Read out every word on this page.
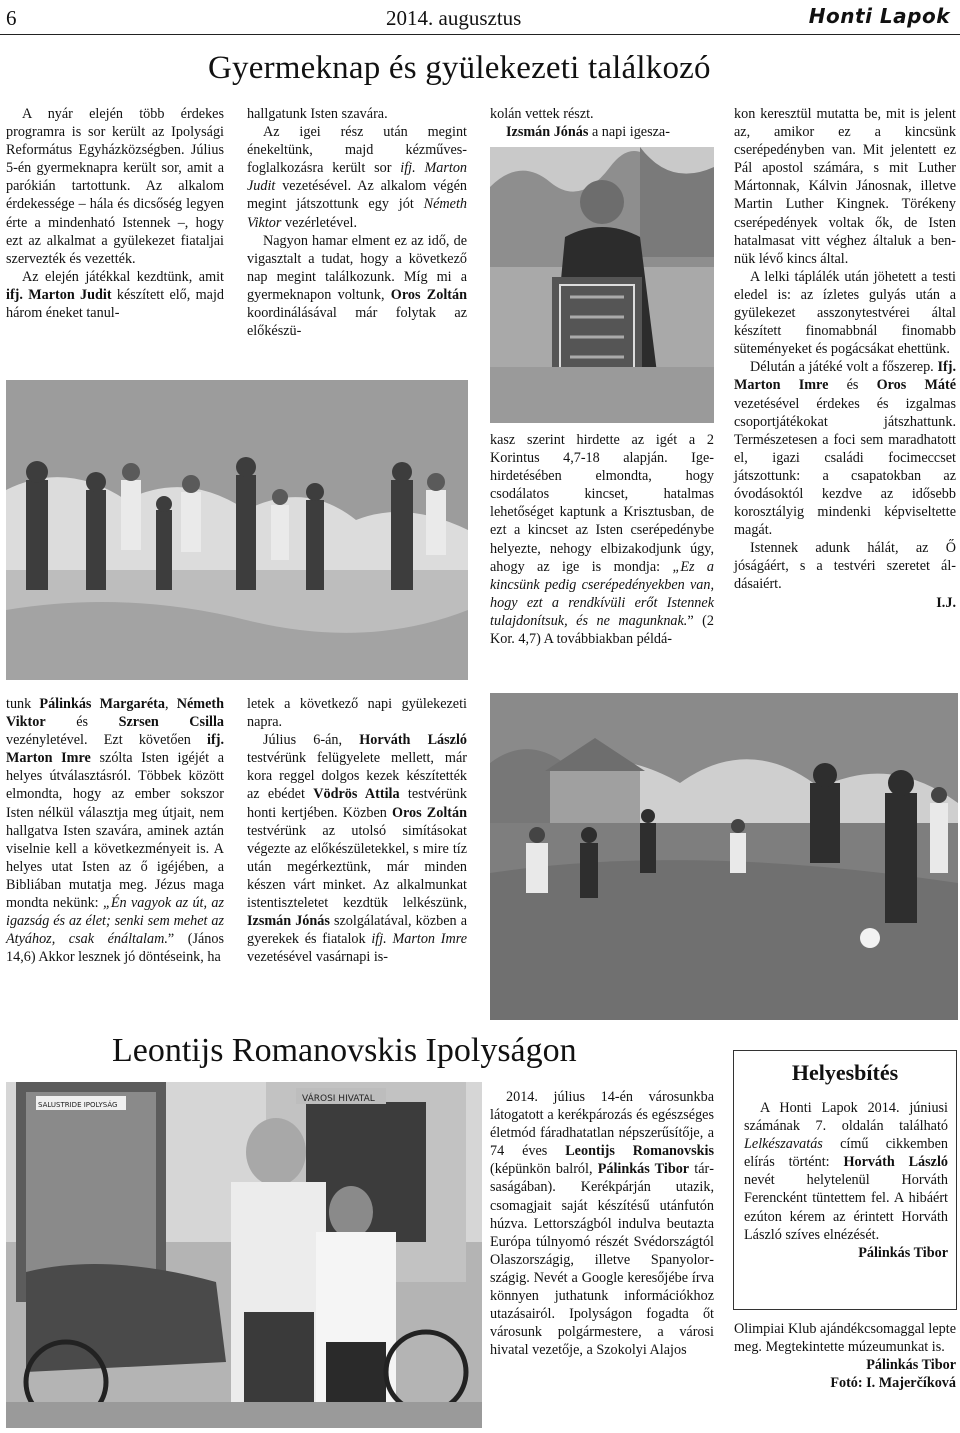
6	2014. augusztus	Honti Lapok
Gyermeknap és gyülekezeti találkozó

A nyár elején több érdekes programra is sor került az Ipolysági Református Egyházközségben. Július 5-én gyermeknapra került sor, amit a parókián tartottunk. Az alkalom érdekessége – hála és dicsőség legyen érte a mindenható Istennek –, hogy ezt az alkalmat a gyülekezet fiataljai szervezték és vezették.

Az elején játékkal kezdtünk, amit ifj. Marton Judit készített elő, majd három éneket tanul-

hallgatunk Isten szavára.

Az igei rész után megint énekeltünk, majd kézművesfoglalkozásra került sor ifj. Marton Judit vezetésével. Az alkalom végén megint játszottunk egy jót Németh Viktor vezérletével.

Nagyon hamar elment ez az idő, de vigasztalt a tudat, hogy a következő nap megint találkozunk. Míg mi a gyermeknapon voltunk, Oros Zoltán koordinálásával már folytak az előkészü-

kolán vettek részt.

Izsmán Jónás a napi igesza-

kasz szerint hirdette az igét a 2 Korintus 4,7-18 alapján. Igehirdetésében elmondta, hogy csodálatos kincset, hatalmas lehetőséget kaptunk a Krisztusban, de ezt a kincset az Isten cserépedénybe helyezte, nehogy elbizakodjunk úgy, ahogy az ige is mondja: „Ez a kincsünk pedig cserépedényekben van, hogy ezt a rendkívüli erőt Istennek tulajdonítsuk, és ne magunknak.” (2 Kor. 4,7) A továbbiakban példá-

kon keresztül mutatta be, mit is jelent az, amikor ez a kincsünk cserépedényben van. Mit jelentett ez Pál apostol számára, s mit Luther Mártonnak, Kálvin Jánosnak, illetve Martin Luther Kingnek. Törékeny cserépedények voltak ők, de Isten hatalmasat vitt véghez általuk a bennük lévő kincs által.

A lelki táplálék után jöhetett a testi eledel is: az ízletes gulyás után a gyülekezet asszonytestvérei által készített finomabbnál finomabb süteményeket és pogácsákat ehettünk.

Délután a játéké volt a főszerep. Ifj. Marton Imre és Oros Máté vezetésével érdekes és izgalmas csoportjátékokat játszhattunk. Természetesen a foci sem maradhatott el, igazi családi focimeccset játszottunk: a csapatokban az óvodásoktól kezdve az idősebb korosztályig mindenki képviseltette magát.

Istennek adunk hálát, az Ő jóságáért, s a testvéri szeretet áldásaiért.

I.J.

tunk Pálinkás Margaréta, Németh Viktor és Szrsen Csilla vezényletével. Ezt követően ifj. Marton Imre szólta Isten igéjét a helyes útválasztásról. Többek között elmondta, hogy az ember sokszor Isten nélkül választja meg útjait, nem hallgatva Isten szavára, aminek aztán viselnie kell a következményeit is. A helyes utat Isten az ő igéjében, a Bibliában mutatja meg. Jézus maga mondta nekünk: „Én vagyok az út, az igazság és az élet; senki sem mehet az Atyához, csak énáltalam.” (János 14,6) Akkor lesznek jó döntéseink, ha

letek a következő napi gyülekezeti napra.

Július 6-án, Horváth László testvérünk felügyelete mellett, már kora reggel dolgos kezek készítették az ebédet Vödrös Attila testvérünk honti kertjében. Közben Oros Zoltán testvérünk az utolsó simításokat végezte az előkészületekkel, s mire tíz után megérkeztünk, már minden készen várt minket. Az alkalmunkat istentiszteletet kezdtük lelkészünk, Izsmán Jónás szolgálatával, közben a gyerekek és fiatalok ifj. Marton Imre vezetésével vasárnapi is-

Leontijs Romanovskis Ipolyságon
SALUSTRIDE IPOLYSÁG
VÁROSI HIVATAL	2014. július 14-én városunkba látogatott a kerékpározás és egészséges életmód fáradhatatlan népszerűsítője, a 74 éves Leontijs Romanovskis (képünkön balról, Pálinkás Tibor társaságában). Kerékpárján utazik, csomagjait saját készítésű utánfutón húzva. Lettországból indulva beutazta Európa túlnyomó részét Svédországtól Olaszországig, illetve Spanyolországig. Nevét a Google keresőjébe írva könnyen juthatunk információkhoz utazásairól. Ipolyságon fogadta őt városunk polgármestere, a városi hivatal vezetője, a Szokolyi Alajos

Helyesbítés

A Honti Lapok 2014. júniusi számának 7. oldalán található Lelkészavatás című cikkemben elírás történt: Horváth László nevét helytelenül Horváth Ferencként tüntettem fel. A hibáért ezúton kérem az érintett Horváth László szíves elnézését.

Pálinkás Tibor

Olimpiai Klub ajándékcsomaggal lepte meg. Megtekintette múzeumunkat is.

Pálinkás Tibor

Fotó: I. Majerčíková
